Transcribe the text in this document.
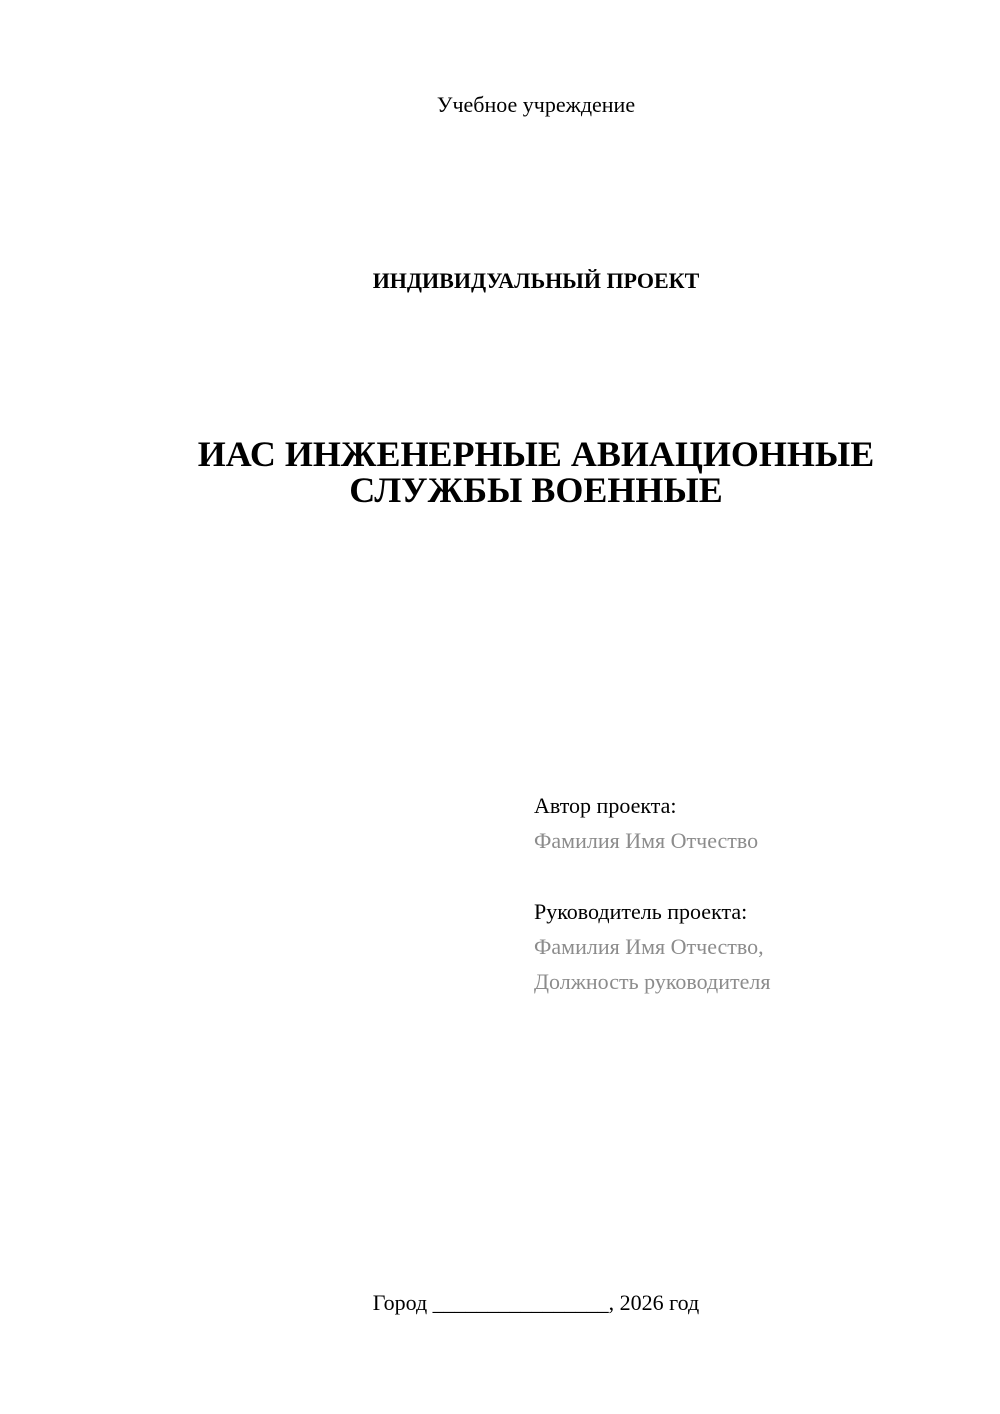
Учебное учреждение
ИНДИВИДУАЛЬНЫЙ ПРОЕКТ
ИАС ИНЖЕНЕРНЫЕ АВИАЦИОННЫЕ
СЛУЖБЫ ВОЕННЫЕ
Автор проекта:
Фамилия Имя Отчество
Руководитель проекта:
Фамилия Имя Отчество,
Должность руководителя
Город ________________, 2026 год
